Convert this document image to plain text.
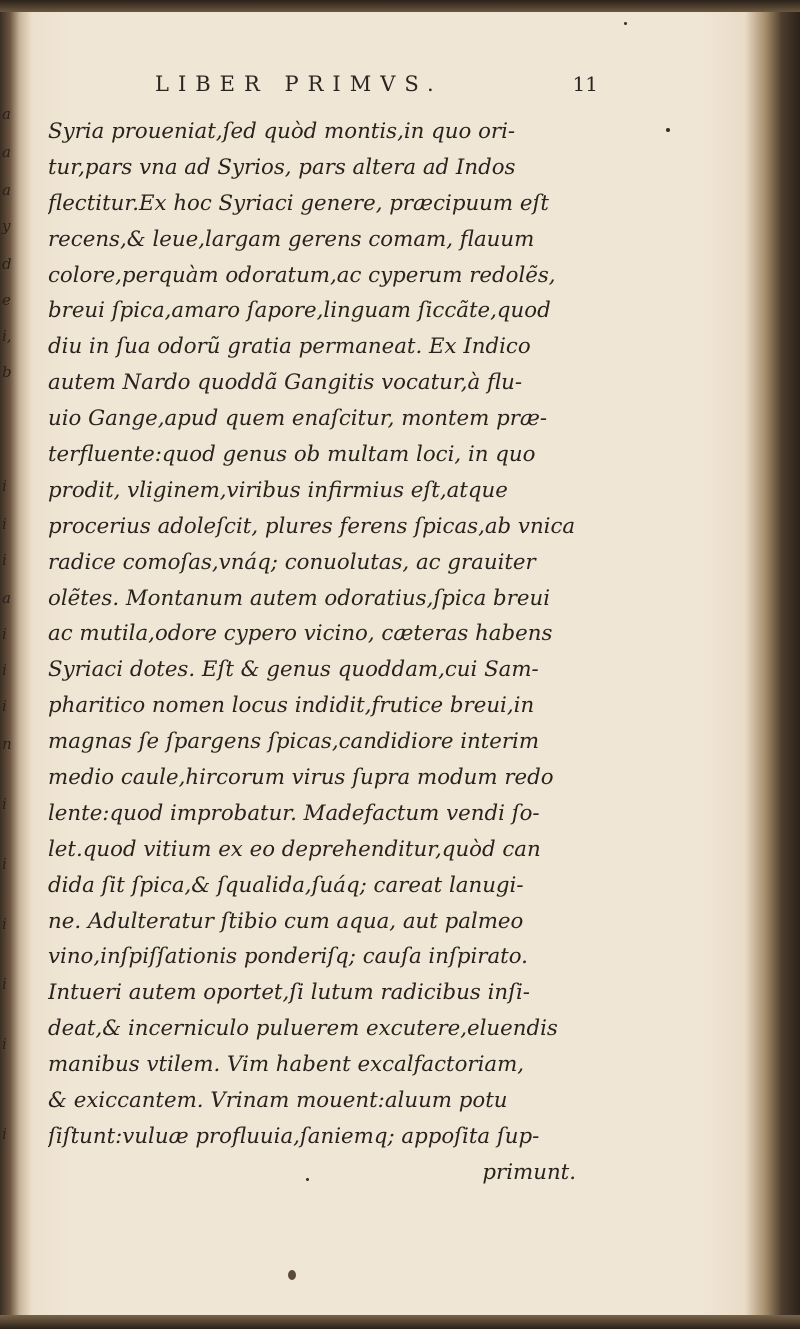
a
a
a
y
d
e
i,
b
i
i
i
a
i
i
i
n
i
i
i
i
i
i
LIBER PRIMVS.	11
Syria proueniat,ſed quòd montis,in quo ori-
tur,pars vna ad Syrios, pars altera ad Indos
flectitur.Ex hoc Syriaci genere, præcipuum eſt
recens,& leue,largam gerens comam, flauum
colore,perquàm odoratum,ac cyperum redolẽs,
breui ſpica,amaro ſapore,linguam ſiccãte,quod
diu in ſua odorũ gratia permaneat. Ex Indico
autem Nardo quoddã Gangitis vocatur,à flu-
uio Gange,apud quem enaſcitur, montem præ-
terfluente:quod genus ob multam loci, in quo
prodit, vliginem,viribus infirmius eſt,atque
procerius adoleſcit, plures ferens ſpicas,ab vnica
radice comoſas,vnáq; conuolutas, ac grauiter
olẽtes. Montanum autem odoratius,ſpica breui
ac mutila,odore cypero vicino, cæteras habens
Syriaci dotes. Eſt & genus quoddam,cui Sam-
pharitico nomen locus indidit,frutice breui,in
magnas ſe ſpargens ſpicas,candidiore interim
medio caule,hircorum virus ſupra modum redo
lente:quod improbatur. Madefactum vendi ſo-
let.quod vitium ex eo deprehenditur,quòd can
dida ſit ſpica,& ſqualida,ſuáq; careat lanugi-
ne. Adulteratur ſtibio cum aqua, aut palmeo
vino,inſpiſſationis ponderiſq; cauſa inſpirato.
Intueri autem oportet,ſi lutum radicibus inſi-
deat,& incerniculo puluerem excutere,eluendis
manibus vtilem. Vim habent excalfactoriam,
& exiccantem. Vrinam mouent:aluum potu
ſiſtunt:vuluæ profluuia,ſaniemq; appoſita ſup-
primunt.
